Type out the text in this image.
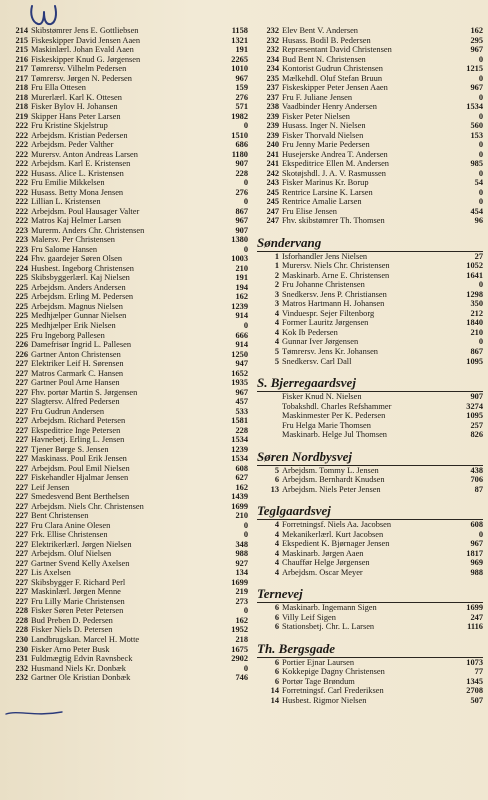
214 Skibstømrer Jens E. Gottliebsen	1158
215 Fiskeskipper David Jensen Aaen	1321
215 Maskinlærl. Johan Evald Aaen	191
216 Fiskeskipper Knud G. Jørgensen	2265
217 Tømrersv. Vilhelm Pedersen	1010
217 Tømrersv. Jørgen N. Pedersen	967
218 Fru Ella Ottesen	159
218 Murerlærl. Karl K. Ottesen	276
218 Fisker Bylov H. Johansen	571
219 Skipper Hans Peter Larsen	1982
222 Fru Kristine Skjelstrup	0
222 Arbejdsm. Kristian Pedersen	1510
222 Arbejdsm. Peder Valther	686
222 Murersv. Anton Andreas Larsen	1180
222 Arbejdsm. Karl E. Kristensen	907
222 Husass. Alice L. Kristensen	228
222 Fru Emilie Mikkelsen	0
222 Husass. Betty Mona Jensen	276
222 Lillian L. Kristensen	0
222 Arbejdsm. Poul Hausager Valter	867
222 Matros Kaj Helmer Larsen	967
223 Murerm. Anders Chr. Christensen	907
223 Malersv. Per Christensen	1380
223 Fru Salome Hansen	0
224 Fhv. gaardejer Søren Olsen	1003
224 Husbest. Ingeborg Christensen	210
225 Skibsbyggerlærl. Kaj Nielsen	191
225 Arbejdsm. Anders Andersen	194
225 Arbejdsm. Erling M. Pedersen	162
225 Arbejdsm. Magnus Nielsen	1239
225 Medhjælper Gunnar Nielsen	914
225 Medhjælper Erik Nielsen	0
225 Fru Ingeborg Pallesen	666
226 Damefrisør Ingrid L. Pallesen	914
226 Gartner Anton Christensen	1250
227 Elektriker Leif H. Sørensen	947
227 Matros Carmark C. Hansen	1652
227 Gartner Poul Arne Hansen	1935
227 Fhv. portør Martin S. Jørgensen	967
227 Slagtersv. Alfred Pedersen	457
227 Fru Gudrun Andersen	533
227 Arbejdsm. Richard Petersen	1581
227 Ekspeditrice Inge Petersen	228
227 Havnebetj. Erling L. Jensen	1534
227 Tjener Børge S. Jensen	1239
227 Maskinass. Poul Erik Jensen	1534
227 Arbejdsm. Poul Emil Nielsen	608
227 Fiskehandler Hjalmar Jensen	627
227 Leif Jensen	162
227 Smedesvend Bent Berthelsen	1439
227 Arbejdsm. Niels Chr. Christensen	1699
227 Bent Christensen	210
227 Fru Clara Anine Olesen	0
227 Frk. Ellise Christensen	0
227 Elektrikerlærl. Jørgen Nielsen	348
227 Arbejdsm. Oluf Nielsen	988
227 Gartner Svend Kelly Axelsen	927
227 Lis Axelsen	134
227 Skibsbygger F. Richard Perl	1699
227 Maskinlærl. Jørgen Menne	219
227 Fru Lilly Marie Christensen	273
228 Fisker Søren Peter Petersen	0
228 Bud Preben D. Pedersen	162
228 Fisker Niels D. Petersen	1952
230 Landbrugskan. Marcel H. Motte	218
230 Fisker Arno Peter Busk	1675
231 Fuldmægtig Edvin Ravnsbeck	2902
232 Husmand Niels Kr. Donbæk	0
232 Gartner Ole Kristian Donbæk	746
232 Elev Bent V. Andersen	162
232 Husass. Bodil B. Pedersen	295
232 Repræsentant David Christensen	967
234 Bud Bent N. Christensen	0
234 Kontorist Gudrun Christensen	1215
235 Mælkehdl. Oluf Stefan Bruun	0
237 Fiskeskipper Peter Jensen Aaen	967
237 Fru F. Juliane Jensen	0
238 Vaadbinder Henry Andersen	1534
239 Fisker Peter Nielsen	0
239 Husass. Inger N. Nielsen	560
239 Fisker Thorvald Nielsen	153
240 Fru Jenny Marie Pedersen	0
241 Husejerske Andrea T. Andersen	0
241 Ekspeditrice Ellen M. Andersen	985
242 Skotøjshdl. J. A. V. Rasmussen	0
243 Fisker Marinus Kr. Borup	54
245 Rentrice Larsine K. Larsen	0
245 Rentrice Amalie Larsen	0
247 Fru Elise Jensen	454
247 Fhv. skibstømrer Th. Thomsen	96
Søndervang
1 Isforhandler Jens Nielsen	27
1 Murersv. Niels Chr. Christensen	1052
2 Maskinarb. Arne E. Christensen	1641
2 Fru Johanne Christensen	0
3 Snedkersv. Jens P. Christiansen	1298
3 Matros Hartmann H. Johansen	350
4 Vinduespr. Sejer Filtenborg	212
4 Former Lauritz Jørgensen	1840
4 Kok Ib Pedersen	210
4 Gunnar Iver Jørgensen	0
5 Tømrersv. Jens Kr. Johansen	867
5 Snedkersv. Carl Dall	1095
S. Bjerregaardsvej
Fisker Knud N. Nielsen	907
Tobakshdl. Charles Refshammer	3274
Maskinmester Per K. Pedersen	1095
Fru Helga Marie Thomsen	257
Maskinarb. Helge Jul Thomsen	826
Søren Nordbysvej
5 Arbejdsm. Tommy L. Jensen	438
6 Arbejdsm. Bernhardt Knudsen	706
13 Arbejdsm. Niels Peter Jensen	87
Teglgaardsvej
4 Forretningsf. Niels Aa. Jacobsen	608
4 Mekanikerlærl. Kurt Jacobsen	0
4 Ekspedient K. Bjørnager Jensen	967
4 Maskinarb. Jørgen Aaen	1817
4 Chauffør Helge Jørgensen	969
4 Arbejdsm. Oscar Meyer	988
Ternevej
6 Maskinarb. Ingemann Sigen	1699
6 Villy Leif Sigen	247
6 Stationsbetj. Chr. L. Larsen	1116
Th. Bergsgade
6 Portier Ejnar Laursen	1073
6 Kokkepige Dagny Christensen	77
6 Portør Tage Brøndum	1345
14 Forretningsf. Carl Frederiksen	2708
14 Husbest. Rigmor Nielsen	507
